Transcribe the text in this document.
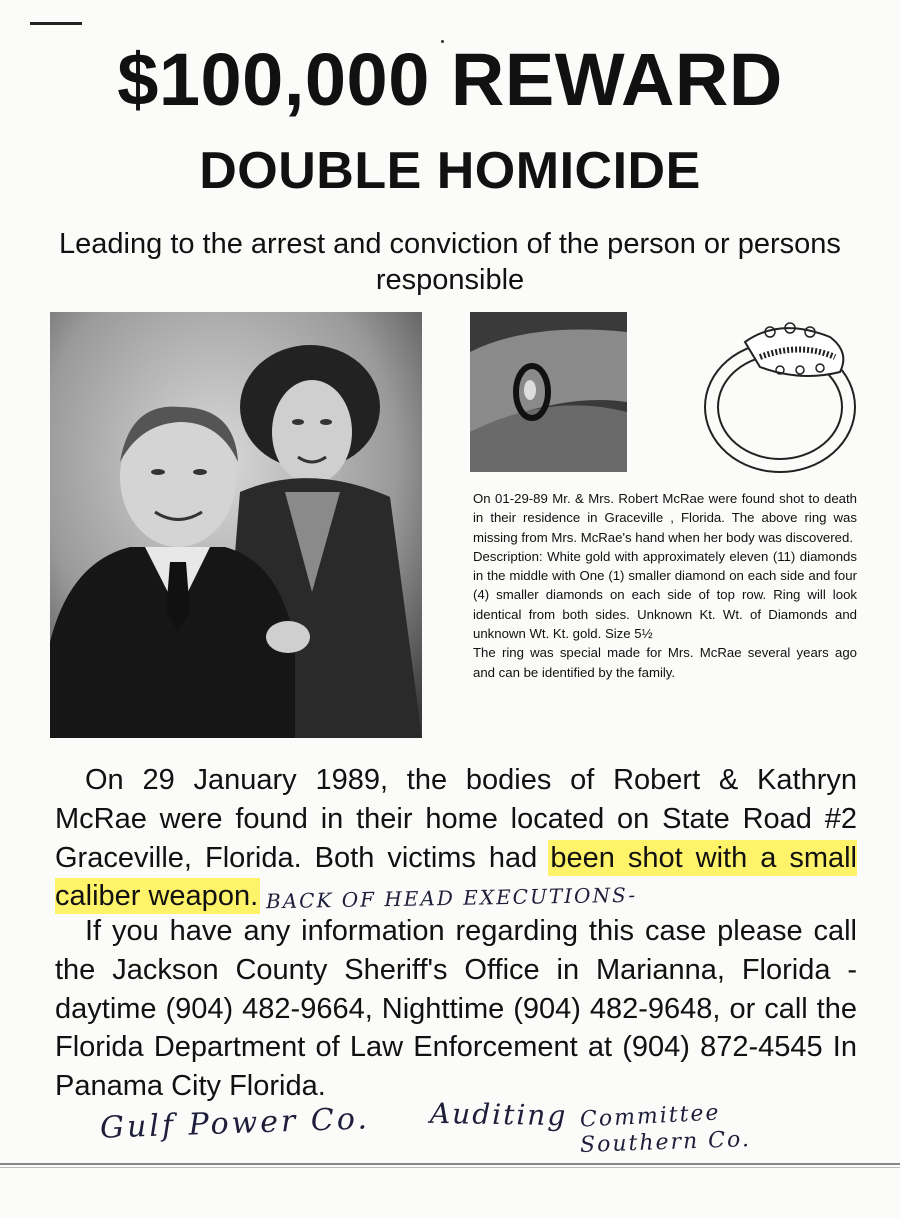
$100,000 REWARD
DOUBLE HOMICIDE

Leading to the arrest and conviction of the person or persons responsible

On 01-29-89 Mr. & Mrs. Robert McRae were found shot to death in their residence in Graceville , Florida. The above ring was missing from Mrs. McRae's hand when her body was discovered.

Description: White gold with approximately eleven (11) diamonds in the middle with One (1) smaller diamond on each side and four (4) smaller diamonds on each side of top row. Ring will look identical from both sides. Unknown Kt. Wt. of Diamonds and unknown Wt. Kt. gold. Size 5½

The ring was special made for Mrs. McRae several years ago and can be identified by the family.

On 29 January 1989, the bodies of Robert & Kathryn McRae were found in their home located on State Road #2 Graceville, Florida. Both victims had been shot with a small caliber weapon. BACK OF HEAD EXECUTIONS-

If you have any information regarding this case please call the Jackson County Sheriff's Office in Marianna, Florida - daytime (904) 482-9664, Nighttime (904) 482-9648, or call the Florida Department of Law Enforcement at (904) 872-4545 In Panama City Florida.

Gulf Power Co. Auditing Committee
Southern Co.
